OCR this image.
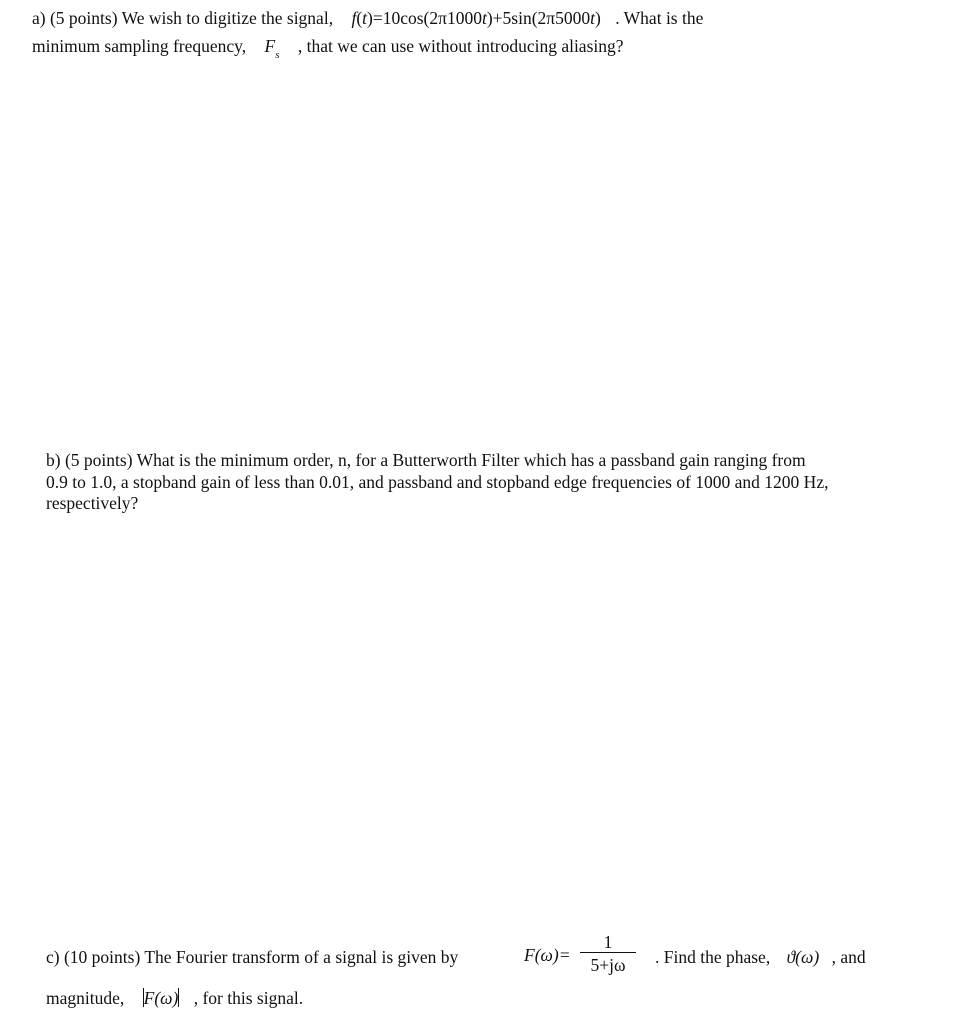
a) (5 points) We wish to digitize the signal, f(t)=10cos(2π1000t)+5sin(2π5000t) . What is the
minimum sampling frequency, $F_s$ , that we can use without introducing aliasing?
b) (5 points) What is the minimum order, n, for a Butterworth Filter which has a passband gain ranging from
0.9 to 1.0, a stopband gain of less than 0.01, and passband and stopband edge frequencies of 1000 and 1200 Hz,
respectively?
c) (10 points) The Fourier transform of a signal is given by	F(ω)=
1
5+jω . Find the phase, ϑ(ω) , and
magnitude, F(ω) , for this signal.
